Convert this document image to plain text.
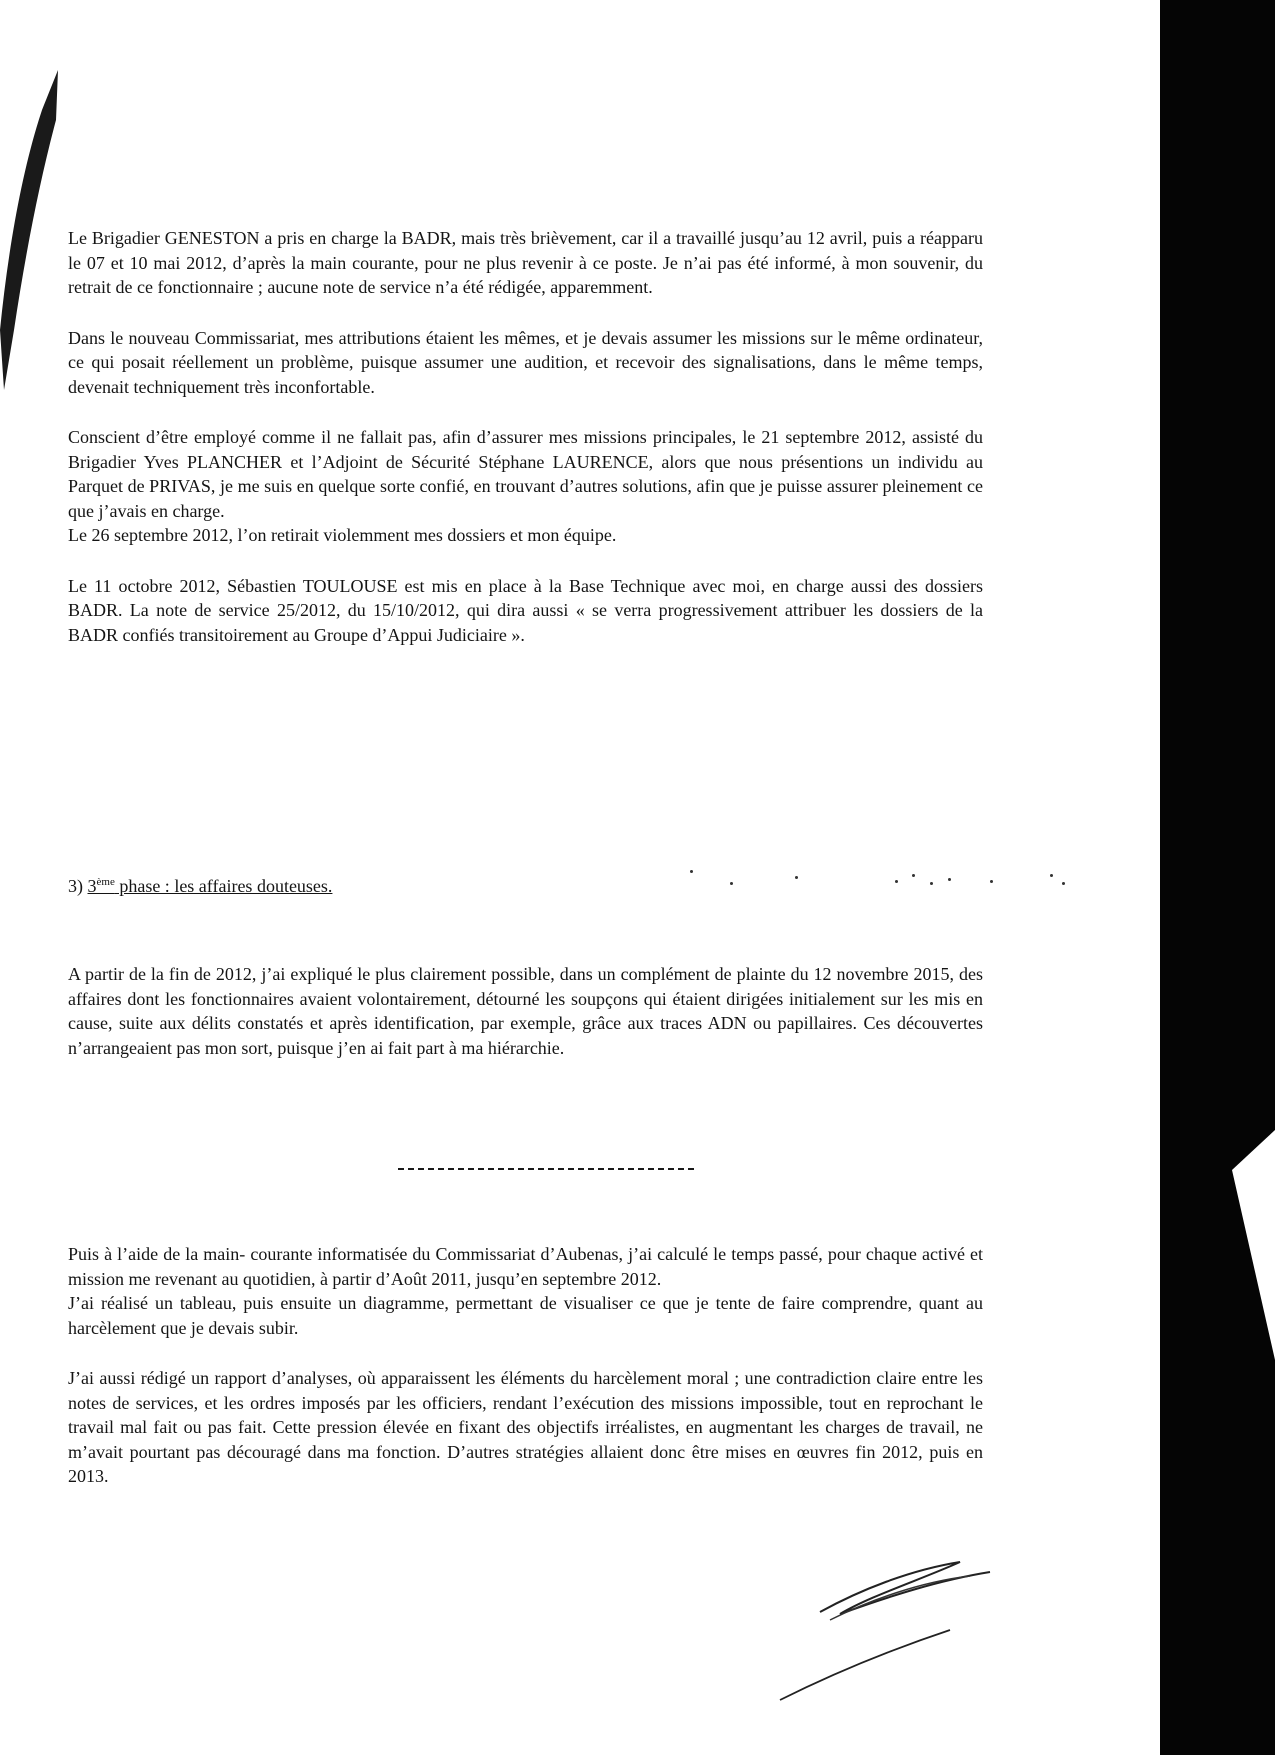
Le Brigadier GENESTON a pris en charge la BADR, mais très brièvement, car il a travaillé jusqu’au 12 avril, puis a réapparu le 07 et 10 mai 2012, d’après la main courante, pour ne plus revenir à ce poste. Je n’ai pas été informé, à mon souvenir, du retrait de ce fonctionnaire ; aucune note de service n’a été rédigée, apparemment.

Dans le nouveau Commissariat, mes attributions étaient les mêmes, et je devais assumer les missions sur le même ordinateur, ce qui posait réellement un problème, puisque assumer une audition, et recevoir des signalisations, dans le même temps, devenait techniquement très inconfortable.

Conscient d’être employé comme il ne fallait pas, afin d’assurer mes missions principales, le 21 septembre 2012, assisté du Brigadier Yves PLANCHER et l’Adjoint de Sécurité Stéphane LAURENCE, alors que nous présentions un individu au Parquet de PRIVAS, je me suis en quelque sorte confié, en trouvant d’autres solutions, afin que je puisse assurer pleinement ce que j’avais en charge.

Le 26 septembre 2012, l’on retirait violemment mes dossiers et mon équipe.

Le 11 octobre 2012, Sébastien TOULOUSE est mis en place à la Base Technique avec moi, en charge aussi des dossiers BADR. La note de service 25/2012, du 15/10/2012, qui dira aussi « se verra progressivement attribuer les dossiers de la BADR confiés transitoirement au Groupe d’Appui Judiciaire ».

3) 3ème phase : les affaires douteuses.

A partir de la fin de 2012, j’ai expliqué le plus clairement possible, dans un complément de plainte du 12 novembre 2015, des affaires dont les fonctionnaires avaient volontairement, détourné les soupçons qui étaient dirigées initialement sur les mis en cause, suite aux délits constatés et après identification, par exemple, grâce aux traces ADN ou papillaires. Ces découvertes n’arrangeaient pas mon sort, puisque j’en ai fait part à ma hiérarchie.

Puis à l’aide de la main- courante informatisée du Commissariat d’Aubenas, j’ai calculé le temps passé, pour chaque activé et mission me revenant au quotidien, à partir d’Août 2011, jusqu’en septembre 2012.

J’ai réalisé un tableau, puis ensuite un diagramme, permettant de visualiser ce que je tente de faire comprendre, quant au harcèlement que je devais subir.

J’ai aussi rédigé un rapport d’analyses, où apparaissent les éléments du harcèlement moral ; une contradiction claire entre les notes de services, et les ordres imposés par les officiers, rendant l’exécution des missions impossible, tout en reprochant le travail mal fait ou pas fait. Cette pression élevée en fixant des objectifs irréalistes, en augmentant les charges de travail, ne m’avait pourtant pas découragé dans ma fonction. D’autres stratégies allaient donc être mises en œuvres fin 2012, puis en 2013.
